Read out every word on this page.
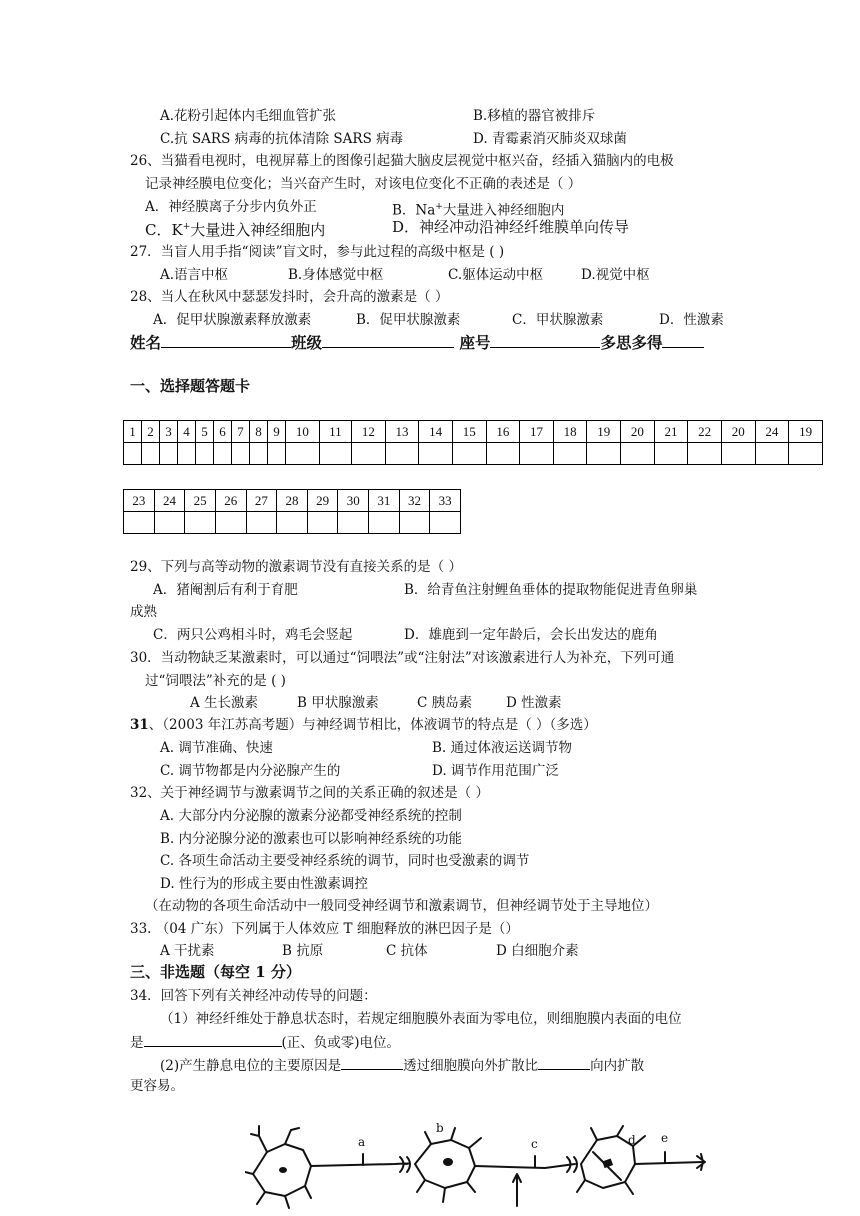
A.花粉引起体内毛细血管扩张	B.移植的器官被排斥
C.抗 SARS 病毒的抗体清除 SARS 病毒	D. 青霉素消灭肺炎双球菌
26、当猫看电视时，电视屏幕上的图像引起猫大脑皮层视觉中枢兴奋，经插入猫脑内的电极
记录神经膜电位变化；当兴奋产生时，对该电位变化不正确的表述是（ ）
A．神经膜离子分步内负外正	B．Na+大量进入神经细胞内
C．K+大量进入神经细胞内	D．神经冲动沿神经纤维膜单向传导
27．当盲人用手指“阅读”盲文时，参与此过程的高级中枢是 ( )
A.语言中枢	B.身体感觉中枢	C.躯体运动中枢	D.视觉中枢
28、当人在秋风中瑟瑟发抖时，会升高的激素是（ ）
A．促甲状腺激素释放激素	B．促甲状腺激素	C．甲状腺激素	D．性激素
姓名	班级	座号	多思多得
一、选择题答题卡
1	2	3	4	5	6	7	8	9	10	11	12	13	14	15	16	17	18	19	20	21	22	20	24	19

23	24	25	26	27	28	29	30	31	32	33

29、下列与高等动物的激素调节没有直接关系的是（ ）
A．猪阉割后有利于育肥	B．给青鱼注射鲤鱼垂体的提取物能促进青鱼卵巢
成熟
C．两只公鸡相斗时，鸡毛会竖起	D．雄鹿到一定年龄后，会长出发达的鹿角
30．当动物缺乏某激素时，可以通过“饲喂法”或“注射法”对该激素进行人为补充，下列可通
过“饲喂法”补充的是 ( )
A 生长激素	B 甲状腺激素	C 胰岛素	D 性激素
31、（2003 年江苏高考题）与神经调节相比，体液调节的特点是（ ）（多选）
A. 调节准确、快速	B. 通过体液运送调节物
C. 调节物都是内分泌腺产生的	D. 调节作用范围广泛
32、关于神经调节与激素调节之间的关系正确的叙述是（ ）
A. 大部分内分泌腺的激素分泌都受神经系统的控制
B. 内分泌腺分泌的激素也可以影响神经系统的功能
C. 各项生命活动主要受神经系统的调节，同时也受激素的调节
D. 性行为的形成主要由性激素调控
（在动物的各项生命活动中一般同受神经调节和激素调节，但神经调节处于主导地位）
33. （04 广东）下列属于人体效应 T 细胞释放的淋巴因子是（）
A 干扰素	B 抗原	C 抗体	D 白细胞介素
三、非选题（每空 1 分）
34．回答下列有关神经冲动传导的问题：
（1）神经纤维处于静息状态时，若规定细胞膜外表面为零电位，则细胞膜内表面的电位
是	(正、负或零)电位。
(2)产生静息电位的主要原因是	透过细胞膜向外扩散比	向内扩散
更容易。
a
b
c	d e
